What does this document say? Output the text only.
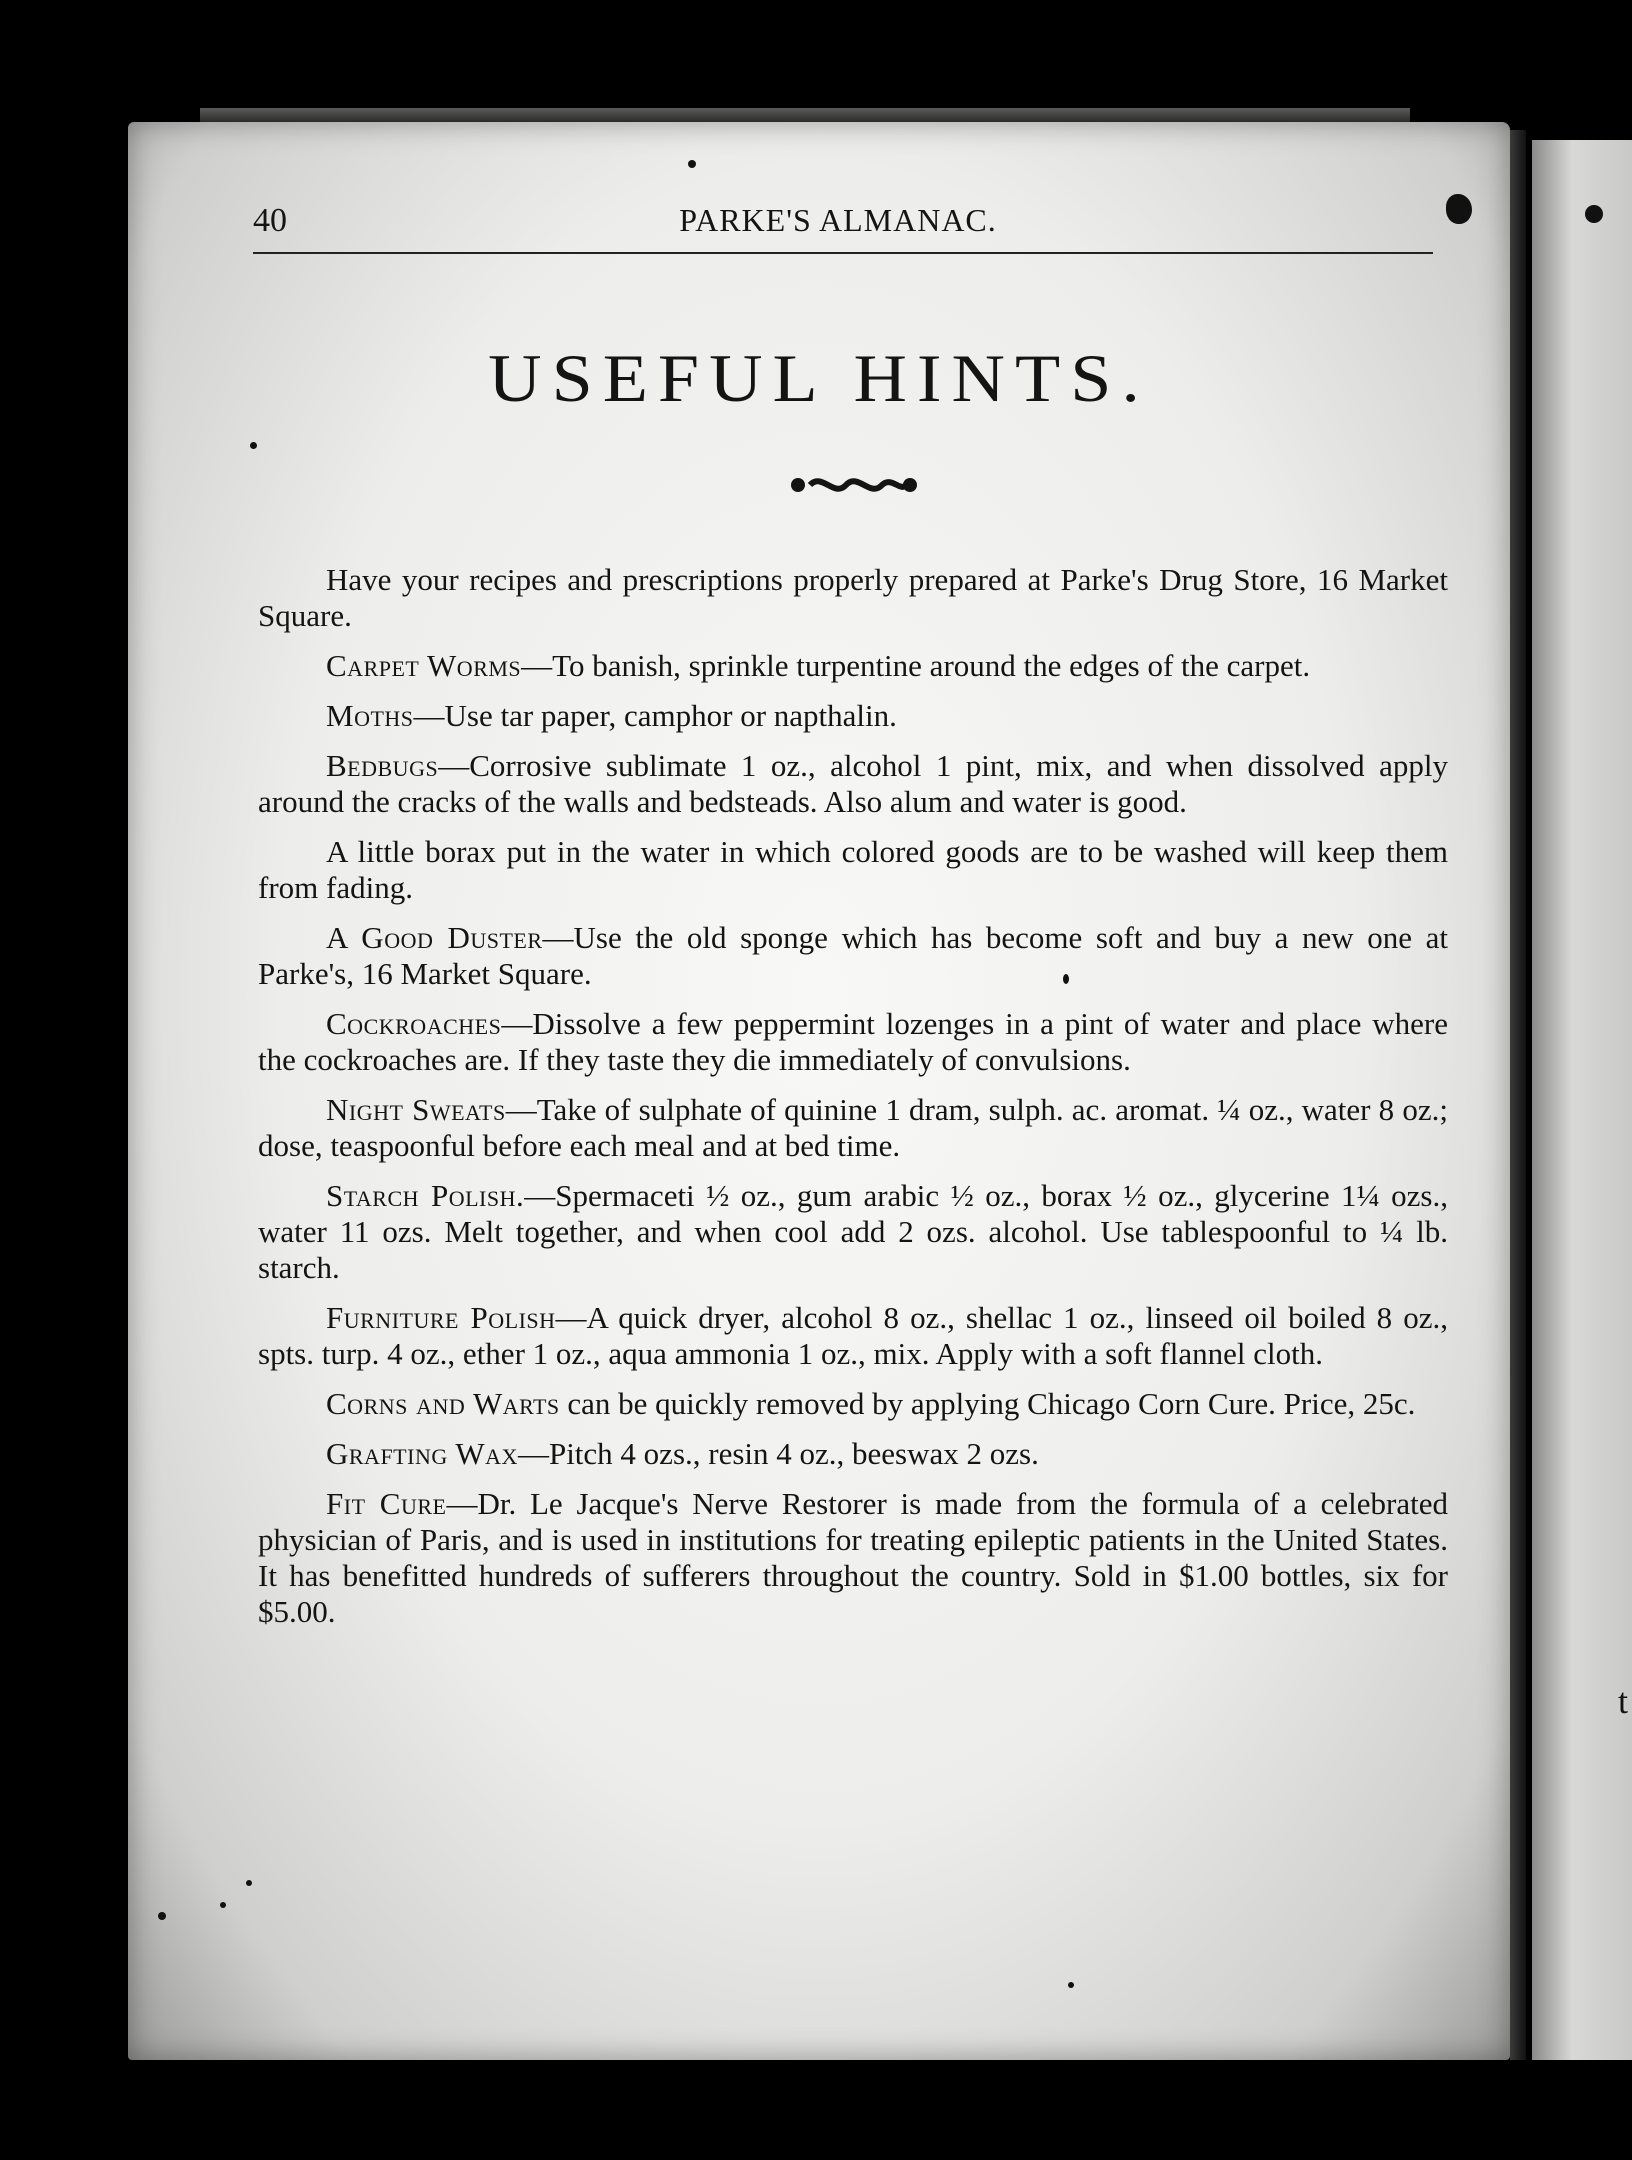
t
40	PARKE'S ALMANAC.
USEFUL HINTS.

Have your recipes and prescriptions properly prepared at Parke's Drug Store, 16 Market Square.

Carpet Worms—To banish, sprinkle turpentine around the edges of the carpet.

Moths—Use tar paper, camphor or napthalin.

Bedbugs—Corrosive sublimate 1 oz., alcohol 1 pint, mix, and when dissolved apply around the cracks of the walls and bedsteads. Also alum and water is good.

A little borax put in the water in which colored goods are to be washed will keep them from fading.

A Good Duster—Use the old sponge which has become soft and buy a new one at Parke's, 16 Market Square.

Cockroaches—Dissolve a few peppermint lozenges in a pint of water and place where the cockroaches are. If they taste they die immediately of convulsions.

Night Sweats—Take of sulphate of quinine 1 dram, sulph. ac. aromat. ¼ oz., water 8 oz.; dose, teaspoonful before each meal and at bed time.

Starch Polish.—Spermaceti ½ oz., gum arabic ½ oz., borax ½ oz., glycerine 1¼ ozs., water 11 ozs. Melt together, and when cool add 2 ozs. alcohol. Use tablespoonful to ¼ lb. starch.

Furniture Polish—A quick dryer, alcohol 8 oz., shellac 1 oz., linseed oil boiled 8 oz., spts. turp. 4 oz., ether 1 oz., aqua ammonia 1 oz., mix. Apply with a soft flannel cloth.

Corns and Warts can be quickly removed by applying Chicago Corn Cure. Price, 25c.

Grafting Wax—Pitch 4 ozs., resin 4 oz., beeswax 2 ozs.

Fit Cure—Dr. Le Jacque's Nerve Restorer is made from the formula of a celebrated physician of Paris, and is used in institutions for treating epileptic patients in the United States. It has benefitted hundreds of sufferers throughout the country. Sold in $1.00 bottles, six for $5.00.
